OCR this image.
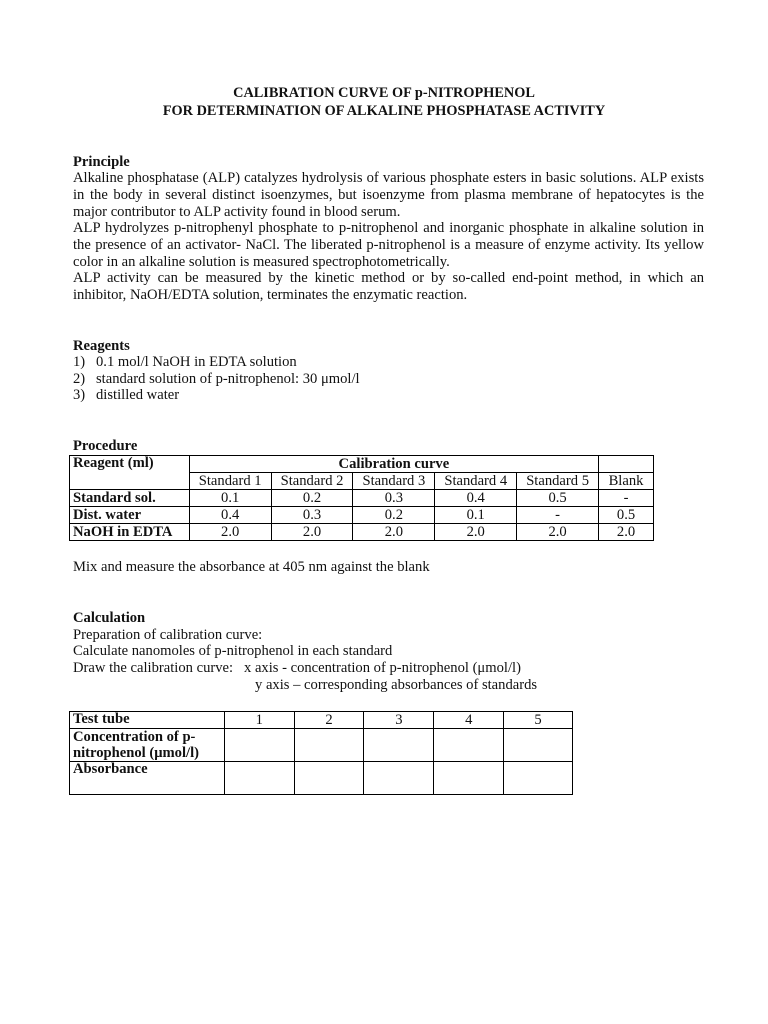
CALIBRATION CURVE OF p-NITROPHENOL
FOR DETERMINATION OF ALKALINE PHOSPHATASE ACTIVITY
Principle
Alkaline phosphatase (ALP) catalyzes hydrolysis of various phosphate esters in basic solutions. ALP exists in the body in several distinct isoenzymes, but isoenzyme from plasma membrane of hepatocytes is the major contributor to ALP activity found in blood serum.
ALP hydrolyzes p-nitrophenyl phosphate to p-nitrophenol and inorganic phosphate in alkaline solution in the presence of an activator- NaCl. The liberated p-nitrophenol is a measure of enzyme activity. Its yellow color in an alkaline solution is measured spectrophotometrically.
ALP activity can be measured by the kinetic method or by so-called end-point method, in which an inhibitor, NaOH/EDTA solution, terminates the enzymatic reaction.
Reagents
1) 0.1 mol/l NaOH in EDTA solution
2) standard solution of p-nitrophenol: 30 μmol/l
3) distilled water
Procedure
Reagent (ml)	Calibration curve					
	Standard 1	Standard 2	Standard 3	Standard 4	Standard 5	Blank
Standard sol.	0.1	0.2	0.3	0.4	0.5	-
Dist. water	0.4	0.3	0.2	0.1	-	0.5
NaOH in EDTA	2.0	2.0	2.0	2.0	2.0	2.0
Mix and measure the absorbance at 405 nm against the blank
Calculation
Preparation of calibration curve:
Calculate nanomoles of p-nitrophenol in each standard
Draw the calibration curve:   x axis - concentration of p-nitrophenol (μmol/l)
y axis – corresponding absorbances of standards
Test tube	1	2	3	4	5
Concentration of p-nitrophenol (μmol/l)					
Absorbance					
